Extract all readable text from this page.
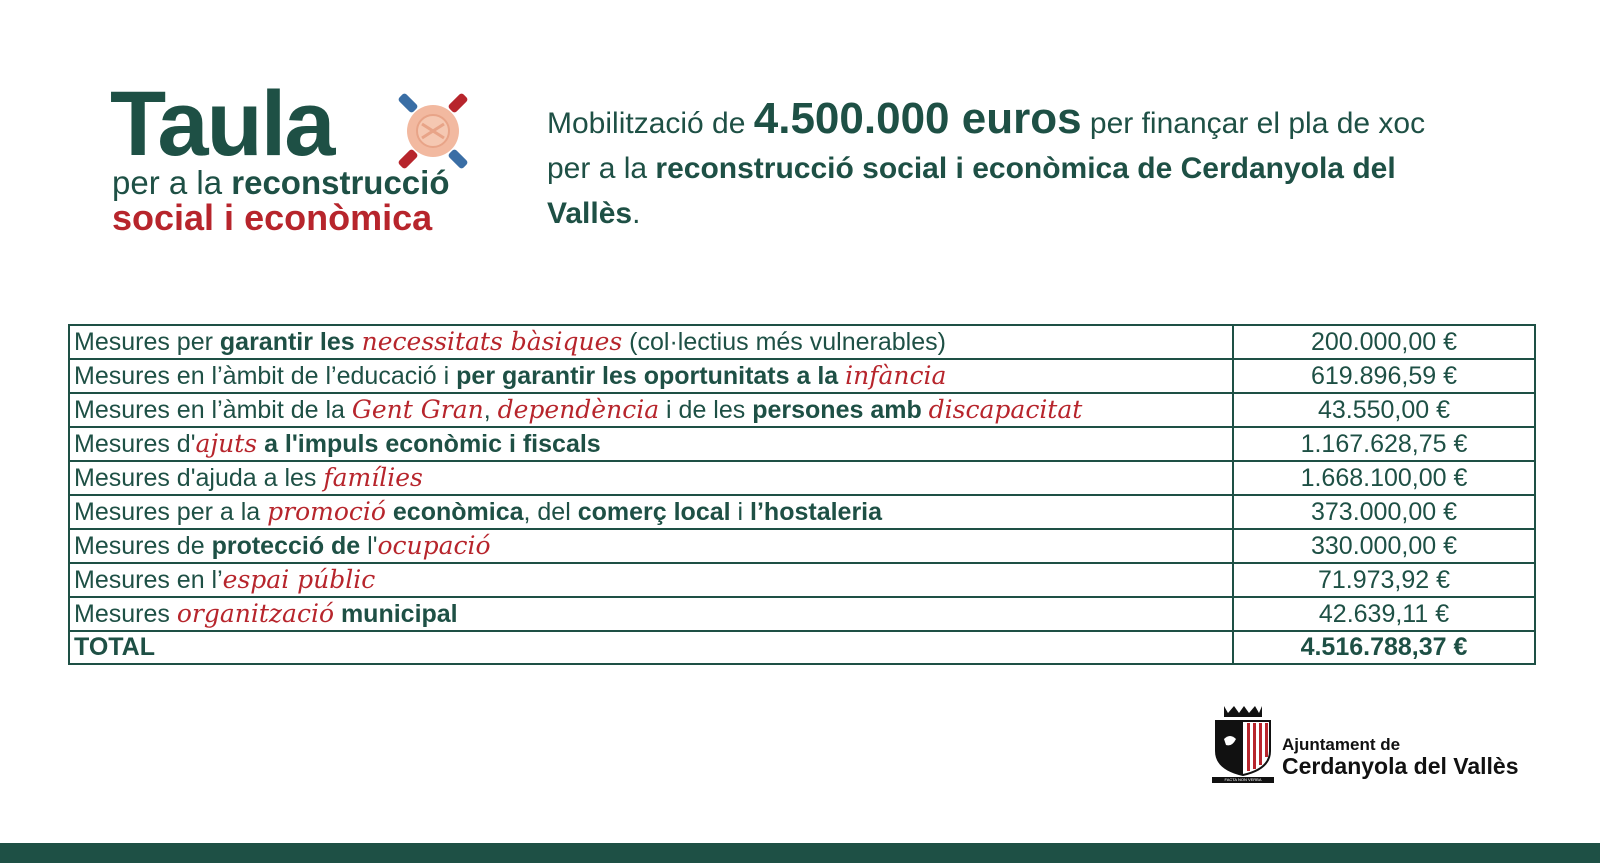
Taula
per a la reconstrucció
social i econòmica
Mobilització de 4.500.000 euros per finançar el pla de xoc per a la reconstrucció social i econòmica de Cerdanyola del Vallès.
Mesures per garantir les necessitats bàsiques (col·lectius més vulnerables)	200.000,00 €
Mesures en l’àmbit de l’educació i per garantir les oportunitats a la infància	619.896,59 €
Mesures en l’àmbit de la Gent Gran, dependència i de les persones amb discapacitat	43.550,00 €
Mesures d'ajuts a l'impuls econòmic i fiscals	1.167.628,75 €
Mesures d'ajuda a les famílies	1.668.100,00 €
Mesures per a la promoció econòmica, del comerç local i l’hostaleria	373.000,00 €
Mesures de protecció de l'ocupació	330.000,00 €
Mesures en l’espai públic	71.973,92 €
Mesures organització municipal	42.639,11 €
TOTAL	4.516.788,37 €
Ajuntament de
Cerdanyola del Vallès
FACTA NON VERBA
